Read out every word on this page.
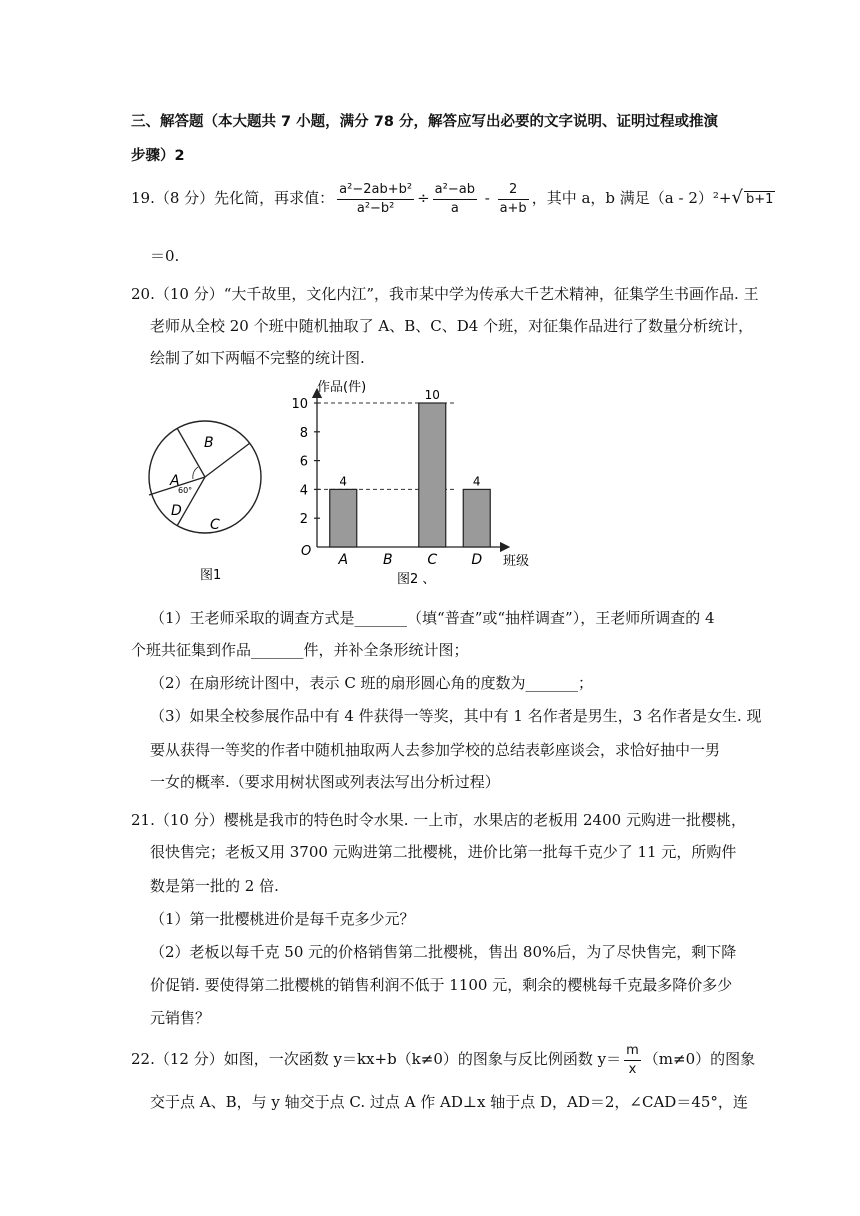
三、解答题（本大题共 7 小题，满分 78 分，解答应写出必要的文字说明、证明过程或推演
步骤）2
19.（8 分）先化简，再求值： $\frac{\text{a²−2ab+b²}}{\text{a²−b²}} \div \frac{\text{a²−ab}}{a} - \frac{2}{a+b}$ ，其中 a，b 满足（a - 2）²+√ b+1
＝0.
20.（10 分）“大千故里，文化内江”，我市某中学为传承大千艺术精神，征集学生书画作品. 王
老师从全校 20 个班中随机抽取了 A、B、C、D4 个班，对征集作品进行了数量分析统计，
绘制了如下两幅不完整的统计图.
A
B
C
D
60°
图1
作品(件)
班级
O
2
4
6
8
10
4
A B
10
C
4
D
图2 、
（1）王老师采取的调查方式是_______（填“普查”或“抽样调查”），王老师所调查的 4
个班共征集到作品_______件，并补全条形统计图；
（2）在扇形统计图中，表示 C 班的扇形圆心角的度数为_______；
（3）如果全校参展作品中有 4 件获得一等奖，其中有 1 名作者是男生，3 名作者是女生. 现
要从获得一等奖的作者中随机抽取两人去参加学校的总结表彰座谈会，求恰好抽中一男
一女的概率.（要求用树状图或列表法写出分析过程）
21.（10 分）樱桃是我市的特色时令水果. 一上市，水果店的老板用 2400 元购进一批樱桃，
很快售完；老板又用 3700 元购进第二批樱桃，进价比第一批每千克少了 11 元，所购件
数是第一批的 2 倍.
（1）第一批樱桃进价是每千克多少元？
（2）老板以每千克 50 元的价格销售第二批樱桃，售出 80%后，为了尽快售完，剩下降
价促销. 要使得第二批樱桃的销售利润不低于 1100 元，剩余的樱桃每千克最多降价多少
元销售？
22.（12 分）如图，一次函数 y＝kx+b（k≠0）的图象与反比例函数 $y= \frac{m}{x} (m\ne 0)$的图象
交于点 A、B，与 y 轴交于点 C. 过点 A 作 AD⊥x 轴于点 D，AD＝2，∠CAD＝45°，连
